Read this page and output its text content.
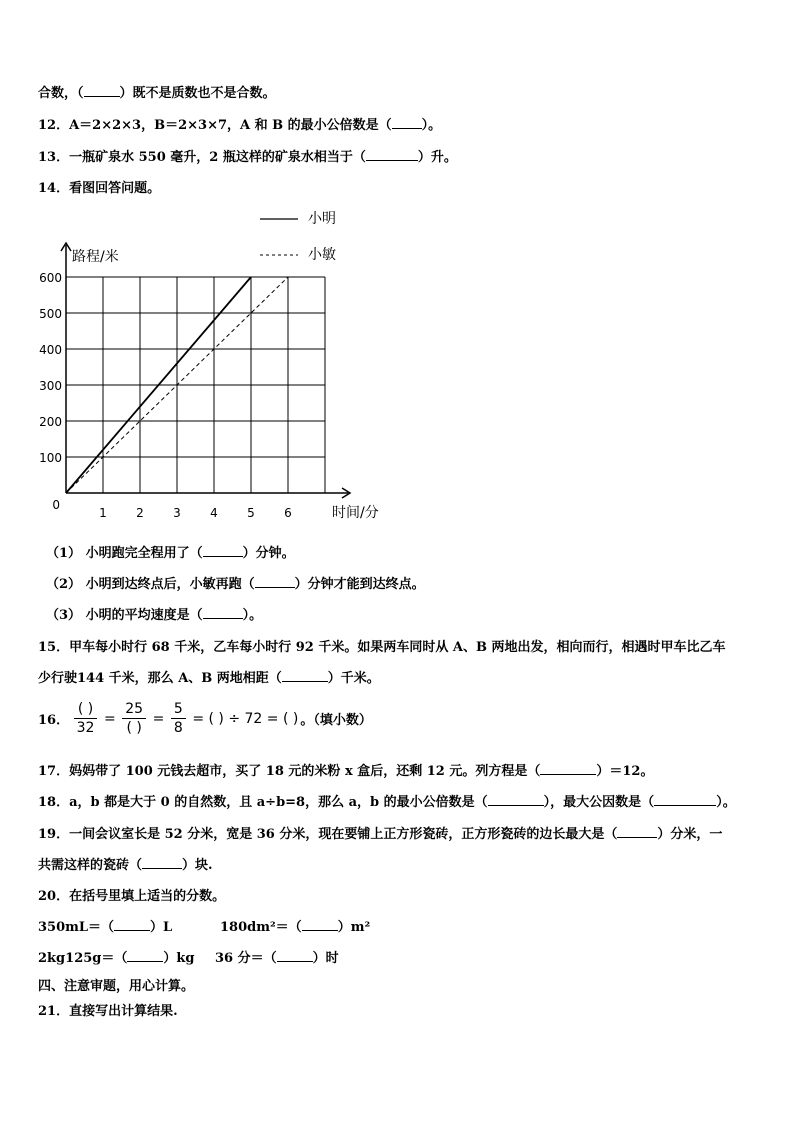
合数，（	）既不是质数也不是合数。
12．A＝2×2×3，B＝2×3×7，A 和 B 的最小公倍数是（ ）。
13．一瓶矿泉水 550 毫升，2 瓶这样的矿泉水相当于（	）升。
14．看图回答问题。
1 2 3 4 5 6
100
200
300
400
500
600
0
路程/米
时间/分
小明
小敏
（1） 小明跑完全程用了（	）分钟。
（2） 小明到达终点后，小敏再跑（	）分钟才能到达终点。
（3） 小明的平均速度是（	）。
15．甲车每小时行 68 千米，乙车每小时行 92 千米。如果两车同时从 A、B 两地出发，相向而行，相遇时甲车比乙车
少行驶144 千米，那么 A、B 两地相距（	）千米。
16． $\frac{( )}{32} = \frac{25}{( )} = \frac{5}{8}$ = ( ) ÷ 72 = ( ) 。（填小数）
17．妈妈带了 100 元钱去超市，买了 18 元的米粉 x 盒后，还剩 12 元。列方程是（	）＝12。
18．a，b 都是大于 0 的自然数，且 a÷b=8，那么 a，b 的最小公倍数是（	），最大公因数是（	）。
19．一间会议室长是 52 分米，宽是 36 分米，现在要铺上正方形瓷砖，正方形瓷砖的边长最大是（	）分米，一
共需这样的瓷砖（	）块.
20．在括号里填上适当的分数。
350mL＝（	）L	180dm²＝（	）m²
2kg125g＝（	）kg 36 分＝（	）时
四、注意审题，用心计算。
21．直接写出计算结果.
